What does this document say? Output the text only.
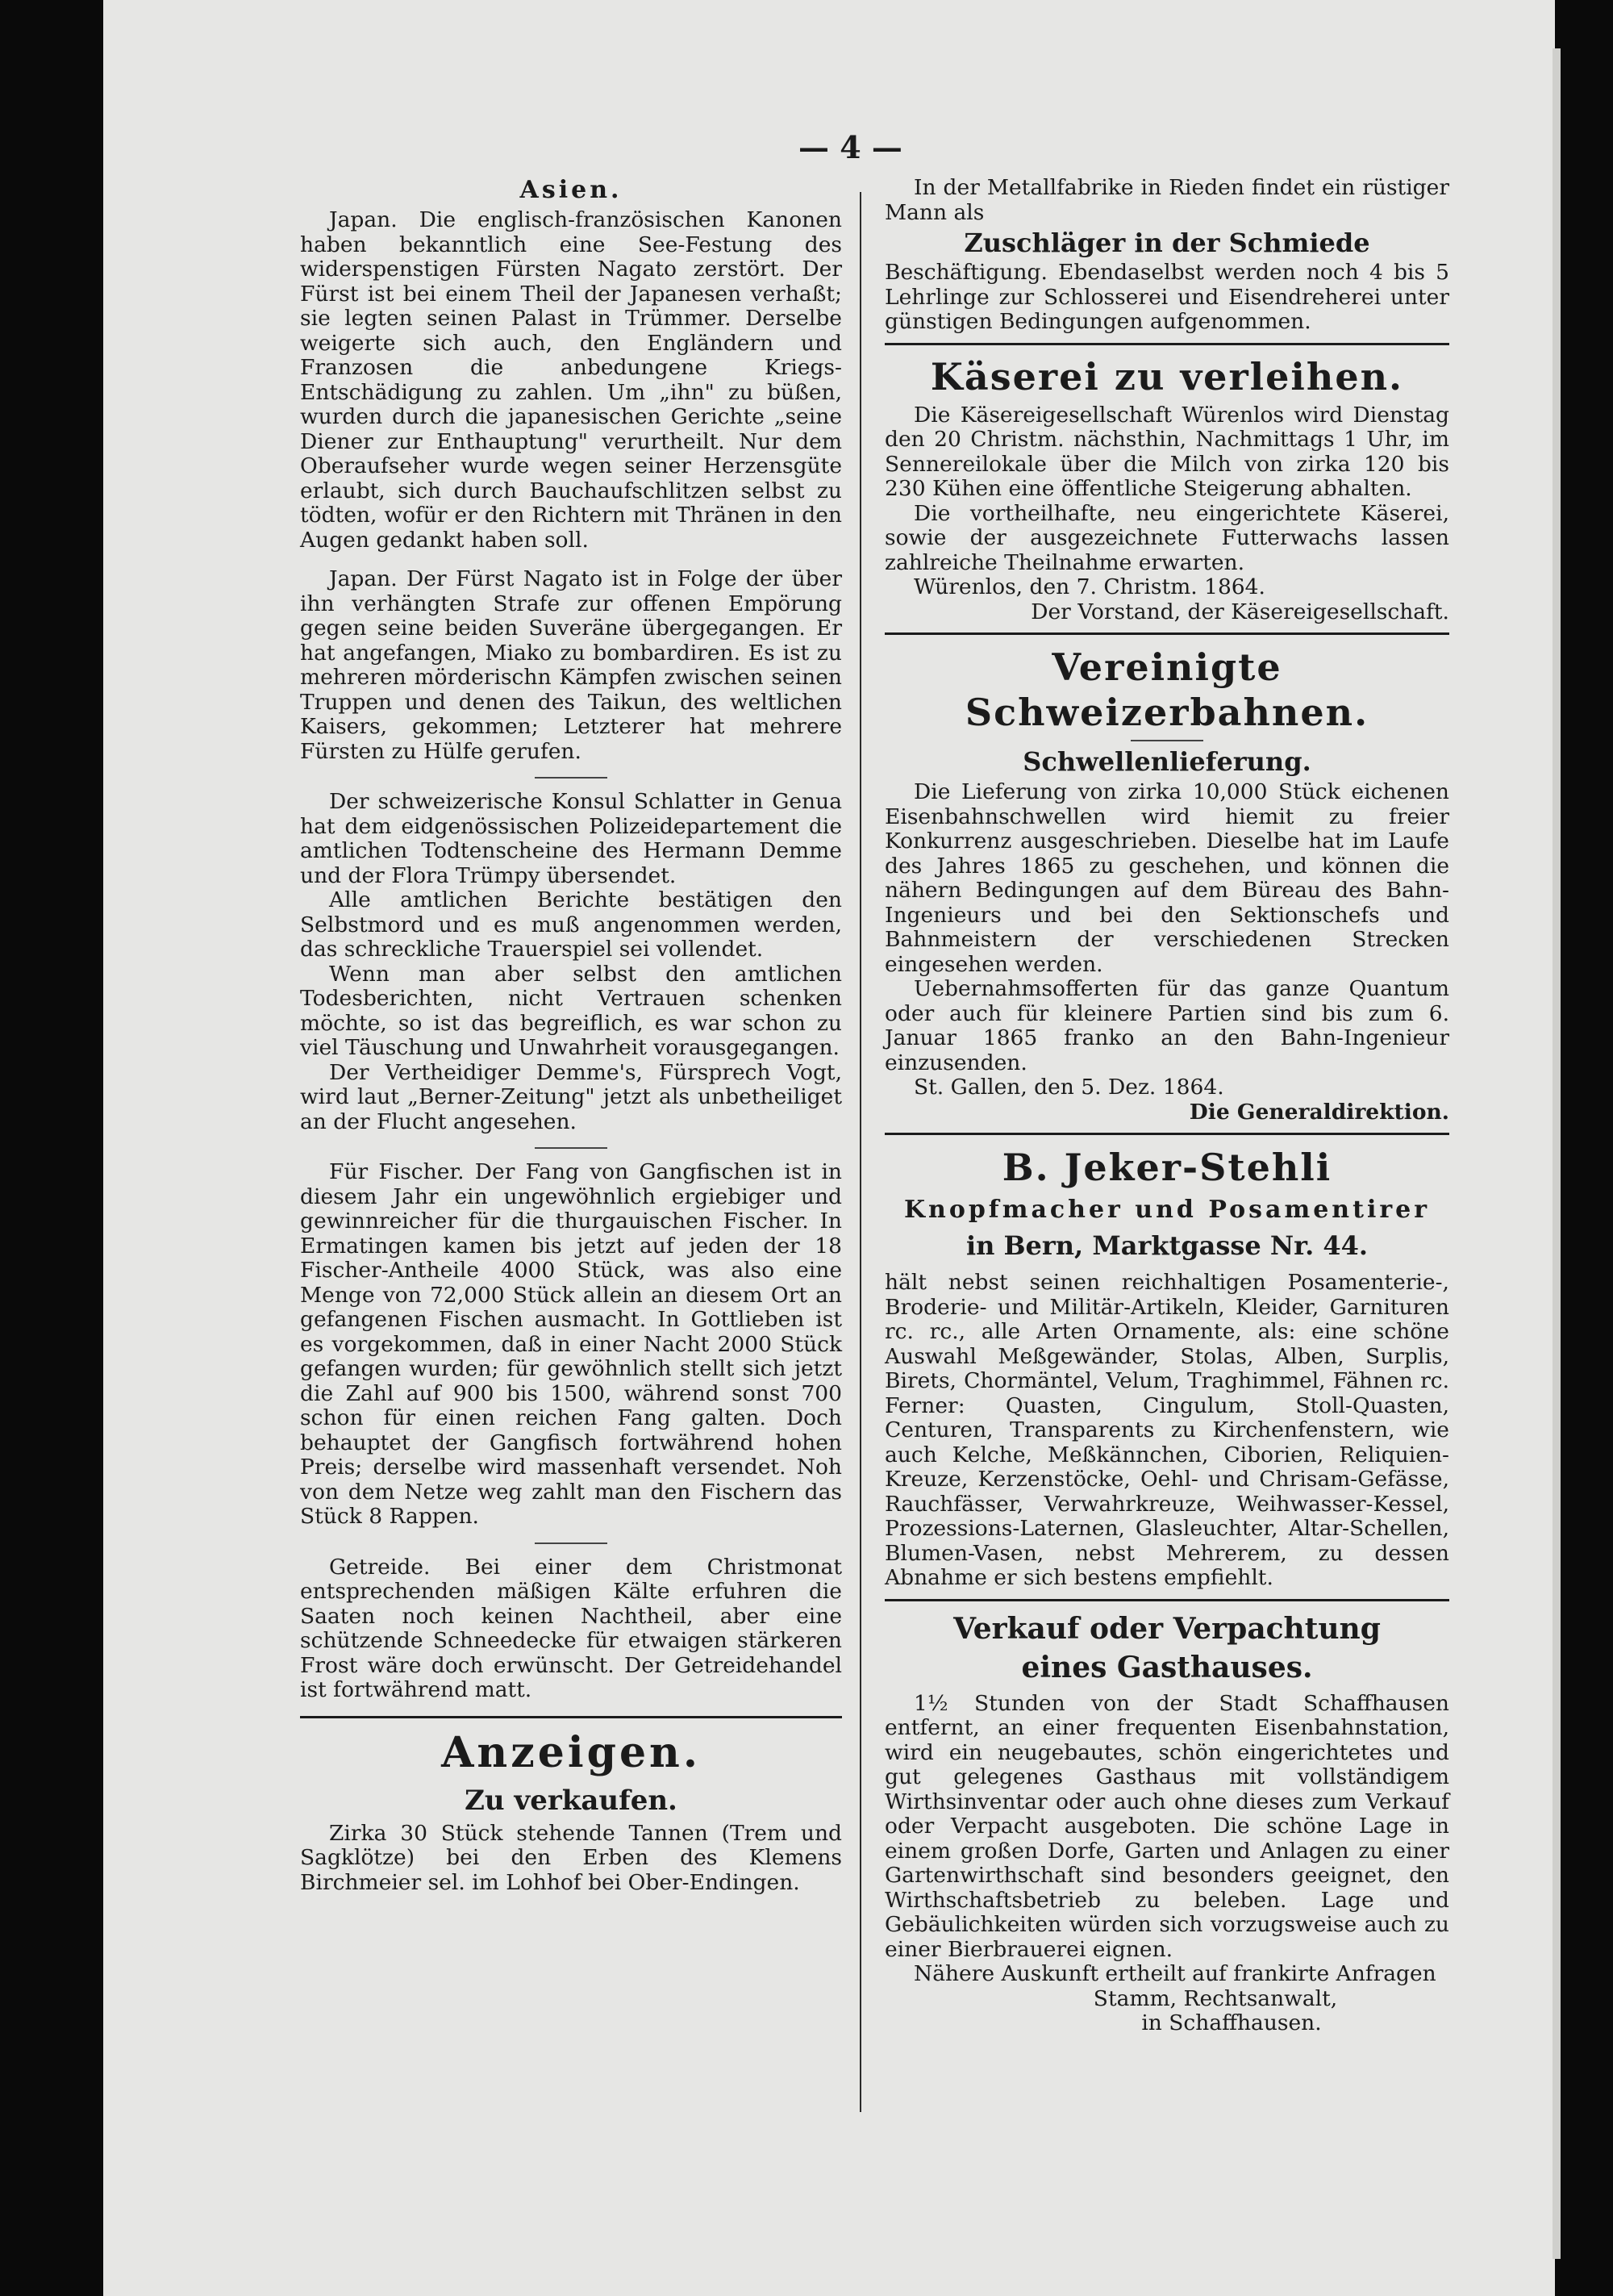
— 4 —
Asien.

Japan. Die englisch-französischen Kanonen haben bekanntlich eine See-Festung des widerspenstigen Fürsten Nagato zerstört. Der Fürst ist bei einem Theil der Japanesen verhaßt; sie legten seinen Palast in Trümmer. Derselbe weigerte sich auch, den Engländern und Franzosen die anbedungene Kriegs-Entschädigung zu zahlen. Um „ihn" zu büßen, wurden durch die japanesischen Gerichte „seine Diener zur Enthauptung" verurtheilt. Nur dem Oberaufseher wurde wegen seiner Herzensgüte erlaubt, sich durch Bauchaufschlitzen selbst zu tödten, wofür er den Richtern mit Thränen in den Augen gedankt haben soll.

Japan. Der Fürst Nagato ist in Folge der über ihn verhängten Strafe zur offenen Empörung gegen seine beiden Suveräne übergegangen. Er hat angefangen, Miako zu bombardiren. Es ist zu mehreren mörderischn Kämpfen zwischen seinen Truppen und denen des Taikun, des weltlichen Kaisers, gekommen; Letzterer hat mehrere Fürsten zu Hülfe gerufen.

Der schweizerische Konsul Schlatter in Genua hat dem eidgenössischen Polizeidepartement die amtlichen Todtenscheine des Hermann Demme und der Flora Trümpy übersendet.

Alle amtlichen Berichte bestätigen den Selbstmord und es muß angenommen werden, das schreckliche Trauerspiel sei vollendet.

Wenn man aber selbst den amtlichen Todesberichten, nicht Vertrauen schenken möchte, so ist das begreiflich, es war schon zu viel Täuschung und Unwahrheit vorausgegangen.

Der Vertheidiger Demme's, Fürsprech Vogt, wird laut „Berner-Zeitung" jetzt als unbetheiliget an der Flucht angesehen.

Für Fischer. Der Fang von Gangfischen ist in diesem Jahr ein ungewöhnlich ergiebiger und gewinnreicher für die thurgauischen Fischer. In Ermatingen kamen bis jetzt auf jeden der 18 Fischer-Antheile 4000 Stück, was also eine Menge von 72,000 Stück allein an diesem Ort an gefangenen Fischen ausmacht. In Gottlieben ist es vorgekommen, daß in einer Nacht 2000 Stück gefangen wurden; für gewöhnlich stellt sich jetzt die Zahl auf 900 bis 1500, während sonst 700 schon für einen reichen Fang galten. Doch behauptet der Gangfisch fortwährend hohen Preis; derselbe wird massenhaft versendet. Noh von dem Netze weg zahlt man den Fischern das Stück 8 Rappen.

Getreide. Bei einer dem Christmonat entsprechenden mäßigen Kälte erfuhren die Saaten noch keinen Nachtheil, aber eine schützende Schneedecke für etwaigen stärkeren Frost wäre doch erwünscht. Der Getreidehandel ist fortwährend matt.

Anzeigen.
Zu verkaufen.

Zirka 30 Stück stehende Tannen (Trem und Sagklötze) bei den Erben des Klemens Birchmeier sel. im Lohhof bei Ober-Endingen.

In der Metallfabrike in Rieden findet ein rüstiger Mann als

Zuschläger in der Schmiede

Beschäftigung. Ebendaselbst werden noch 4 bis 5 Lehrlinge zur Schlosserei und Eisendreherei unter günstigen Bedingungen aufgenommen.

Käserei zu verleihen.

Die Käsereigesellschaft Würenlos wird Dienstag den 20 Christm. nächsthin, Nachmittags 1 Uhr, im Sennereilokale über die Milch von zirka 120 bis 230 Kühen eine öffentliche Steigerung abhalten.

Die vortheilhafte, neu eingerichtete Käserei, sowie der ausgezeichnete Futterwachs lassen zahlreiche Theilnahme erwarten.

Würenlos, den 7. Christm. 1864.

Der Vorstand, der Käsereigesellschaft.

Vereinigte Schweizerbahnen.
Schwellenlieferung.

Die Lieferung von zirka 10,000 Stück eichenen Eisenbahnschwellen wird hiemit zu freier Konkurrenz ausgeschrieben. Dieselbe hat im Laufe des Jahres 1865 zu geschehen, und können die nähern Bedingungen auf dem Büreau des Bahn-Ingenieurs und bei den Sektionschefs und Bahnmeistern der verschiedenen Strecken eingesehen werden.

Uebernahmsofferten für das ganze Quantum oder auch für kleinere Partien sind bis zum 6. Januar 1865 franko an den Bahn-Ingenieur einzusenden.

St. Gallen, den 5. Dez. 1864.

Die Generaldirektion.

B. Jeker-Stehli
Knopfmacher und Posamentirer
in Bern, Marktgasse Nr. 44.

hält nebst seinen reichhaltigen Posamenterie-, Broderie- und Militär-Artikeln, Kleider, Garnituren rc. rc., alle Arten Ornamente, als: eine schöne Auswahl Meßgewänder, Stolas, Alben, Surplis, Birets, Chormäntel, Velum, Traghimmel, Fähnen rc. Ferner: Quasten, Cingulum, Stoll-Quasten, Centuren, Transparents zu Kirchenfenstern, wie auch Kelche, Meßkännchen, Ciborien, Reliquien-Kreuze, Kerzenstöcke, Oehl- und Chrisam-Gefässe, Rauchfässer, Verwahrkreuze, Weihwasser-Kessel, Prozessions-Laternen, Glasleuchter, Altar-Schellen, Blumen-Vasen, nebst Mehrerem, zu dessen Abnahme er sich bestens empfiehlt.

Verkauf oder Verpachtung
eines Gasthauses.

1½ Stunden von der Stadt Schaffhausen entfernt, an einer frequenten Eisenbahnstation, wird ein neugebautes, schön eingerichtetes und gut gelegenes Gasthaus mit vollständigem Wirthsinventar oder auch ohne dieses zum Verkauf oder Verpacht ausgeboten. Die schöne Lage in einem großen Dorfe, Garten und Anlagen zu einer Gartenwirthschaft sind besonders geeignet, den Wirthschaftsbetrieb zu beleben. Lage und Gebäulichkeiten würden sich vorzugsweise auch zu einer Bierbrauerei eignen.

Nähere Auskunft ertheilt auf frankirte Anfragen

Stamm, Rechtsanwalt,

in Schaffhausen.
